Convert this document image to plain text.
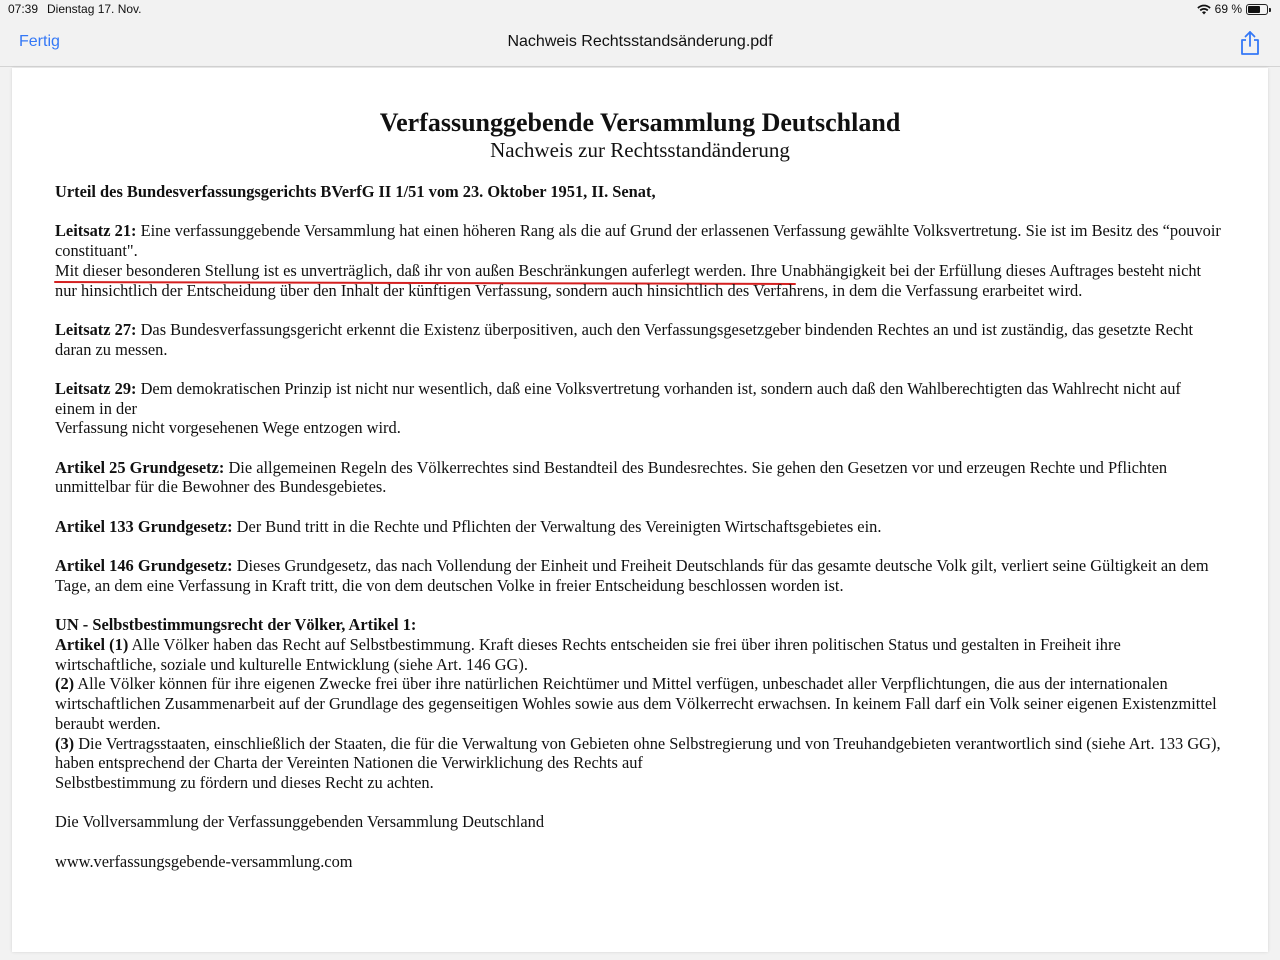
07:39 Dienstag 17. Nov.	69 %
Fertig	Nachweis Rechtsstandsänderung.pdf
Verfassunggebende Versammlung Deutschland
Nachweis zur Rechtsstandänderung

Urteil des Bundesverfassungsgerichts BVerfG II 1/51 vom 23. Oktober 1951, II. Senat,

Leitsatz 21: Eine verfassunggebende Versammlung hat einen höheren Rang als die auf Grund der erlassenen Verfassung gewählte Volksvertretung. Sie ist im Besitz des “pouvoir constituant".
Mit dieser besonderen Stellung ist es unverträglich, daß ihr von außen Beschränkungen auferlegt werden. Ihre Unabhängigkeit bei der Erfüllung dieses Auftrages besteht nicht nur hinsichtlich der Entscheidung über den Inhalt der künftigen Verfassung, sondern auch hinsichtlich des Verfahrens, in dem die Verfassung erarbeitet wird.

Leitsatz 27: Das Bundesverfassungsgericht erkennt die Existenz überpositiven, auch den Verfassungsgesetzgeber bindenden Rechtes an und ist zuständig, das gesetzte Recht daran zu messen.

Leitsatz 29: Dem demokratischen Prinzip ist nicht nur wesentlich, daß eine Volksvertretung vorhanden ist, sondern auch daß den Wahlberechtigten das Wahlrecht nicht auf einem in der
Verfassung nicht vorgesehenen Wege entzogen wird.

Artikel 25 Grundgesetz: Die allgemeinen Regeln des Völkerrechtes sind Bestandteil des Bundesrechtes. Sie gehen den Gesetzen vor und erzeugen Rechte und Pflichten unmittelbar für die Bewohner des Bundesgebietes.

Artikel 133 Grundgesetz: Der Bund tritt in die Rechte und Pflichten der Verwaltung des Vereinigten Wirtschaftsgebietes ein.

Artikel 146 Grundgesetz: Dieses Grundgesetz, das nach Vollendung der Einheit und Freiheit Deutschlands für das gesamte deutsche Volk gilt, verliert seine Gültigkeit an dem Tage, an dem eine Verfassung in Kraft tritt, die von dem deutschen Volke in freier Entscheidung beschlossen worden ist.

UN - Selbstbestimmungsrecht der Völker, Artikel 1:
Artikel (1) Alle Völker haben das Recht auf Selbstbestimmung. Kraft dieses Rechts entscheiden sie frei über ihren politischen Status und gestalten in Freiheit ihre wirtschaftliche, soziale und kulturelle Entwicklung (siehe Art. 146 GG).
(2) Alle Völker können für ihre eigenen Zwecke frei über ihre natürlichen Reichtümer und Mittel verfügen, unbeschadet aller Verpflichtungen, die aus der internationalen wirtschaftlichen Zusammenarbeit auf der Grundlage des gegenseitigen Wohles sowie aus dem Völkerrecht erwachsen. In keinem Fall darf ein Volk seiner eigenen Existenzmittel beraubt werden.
(3) Die Vertragsstaaten, einschließlich der Staaten, die für die Verwaltung von Gebieten ohne Selbstregierung und von Treuhandgebieten verantwortlich sind (siehe Art. 133 GG), haben entsprechend der Charta der Vereinten Nationen die Verwirklichung des Rechts auf
Selbstbestimmung zu fördern und dieses Recht zu achten.

Die Vollversammlung der Verfassunggebenden Versammlung Deutschland

www.verfassungsgebende-versammlung.com
